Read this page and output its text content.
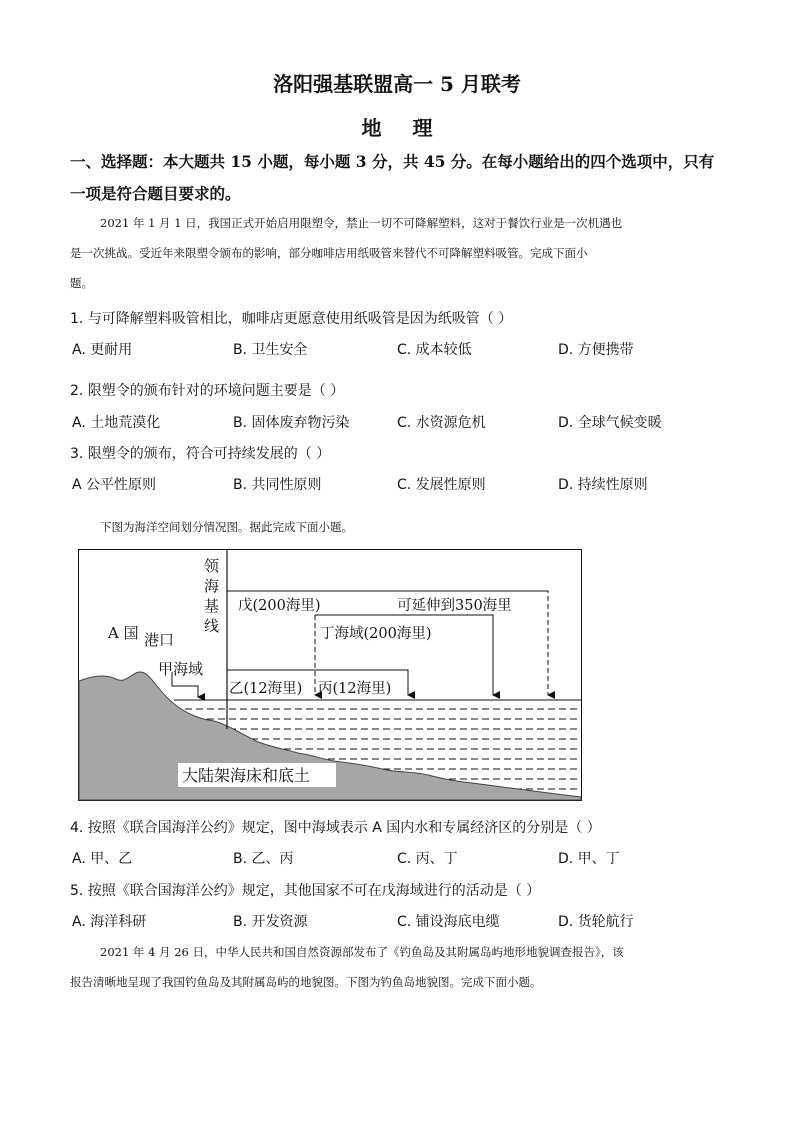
洛阳强基联盟高一 5 月联考
地 理
一、选择题：本大题共 15 小题，每小题 3 分，共 45 分。在每小题给出的四个选项中，只有
一项是符合题目要求的。
2021 年 1 月 1 日，我国正式开始启用限塑令，禁止一切不可降解塑料，这对于餐饮行业是一次机遇也
是一次挑战。受近年来限塑令颁布的影响，部分咖啡店用纸吸管来替代不可降解塑料吸管。完成下面小
题。
1. 与可降解塑料吸管相比，咖啡店更愿意使用纸吸管是因为纸吸管（ ）
A. 更耐用	B. 卫生安全	C. 成本较低	D. 方便携带
2. 限塑令的颁布针对的环境问题主要是（ ）
A. 土地荒漠化	B. 固体废弃物污染	C. 水资源危机	D. 全球气候变暖
3. 限塑令的颁布，符合可持续发展的（ ）
A 公平性原则	B. 共同性原则	C. 发展性原则	D. 持续性原则
下图为海洋空间划分情况图。据此完成下面小题。
领
海
基
线
A 国 港口
甲海域
戊(200海里)	可延伸到350海里
丁海域(200海里)
乙(12海里) 丙(12海里)
大陆架海床和底土
4. 按照《联合国海洋公约》规定，图中海域表示 A 国内水和专属经济区的分别是（ ）
A. 甲、乙	B. 乙、丙	C. 丙、丁	D. 甲、丁
5. 按照《联合国海洋公约》规定，其他国家不可在戊海域进行的活动是（ ）
A. 海洋科研	B. 开发资源	C. 铺设海底电缆	D. 货轮航行
2021 年 4 月 26 日，中华人民共和国自然资源部发布了《钓鱼岛及其附属岛屿地形地貌调查报告》，该
报告清晰地呈现了我国钓鱼岛及其附属岛屿的地貌图。下图为钓鱼岛地貌图。完成下面小题。
